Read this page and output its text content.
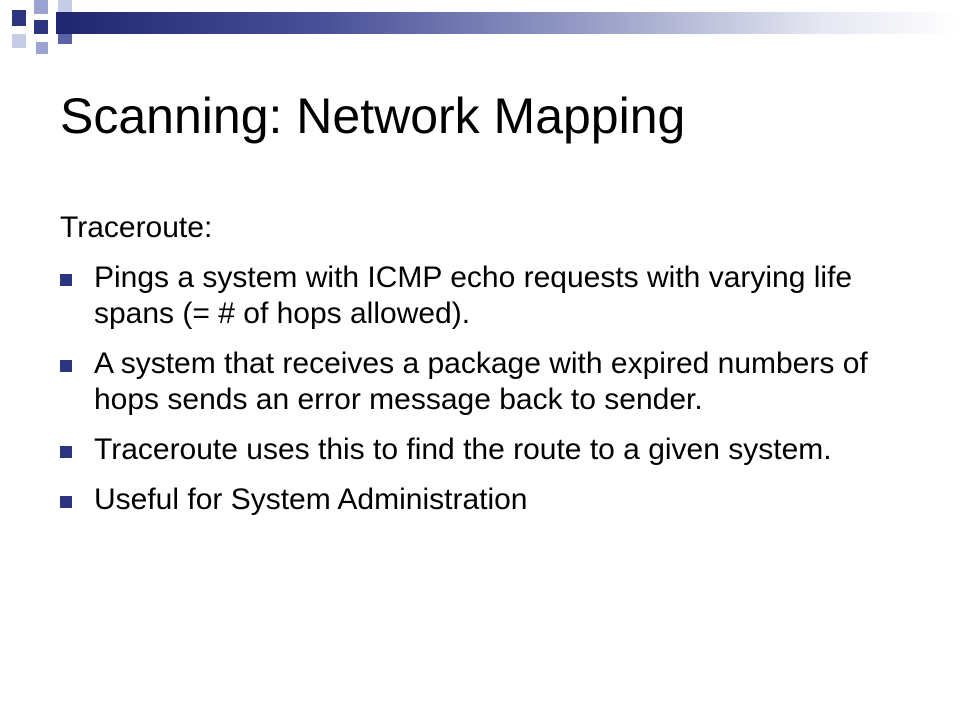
Scanning: Network Mapping

Traceroute:

Pings a system with ICMP echo requests with varying life spans (= # of hops allowed).
A system that receives a package with expired numbers of hops sends an error message back to sender.
Traceroute uses this to find the route to a given system.
Useful for System Administration
